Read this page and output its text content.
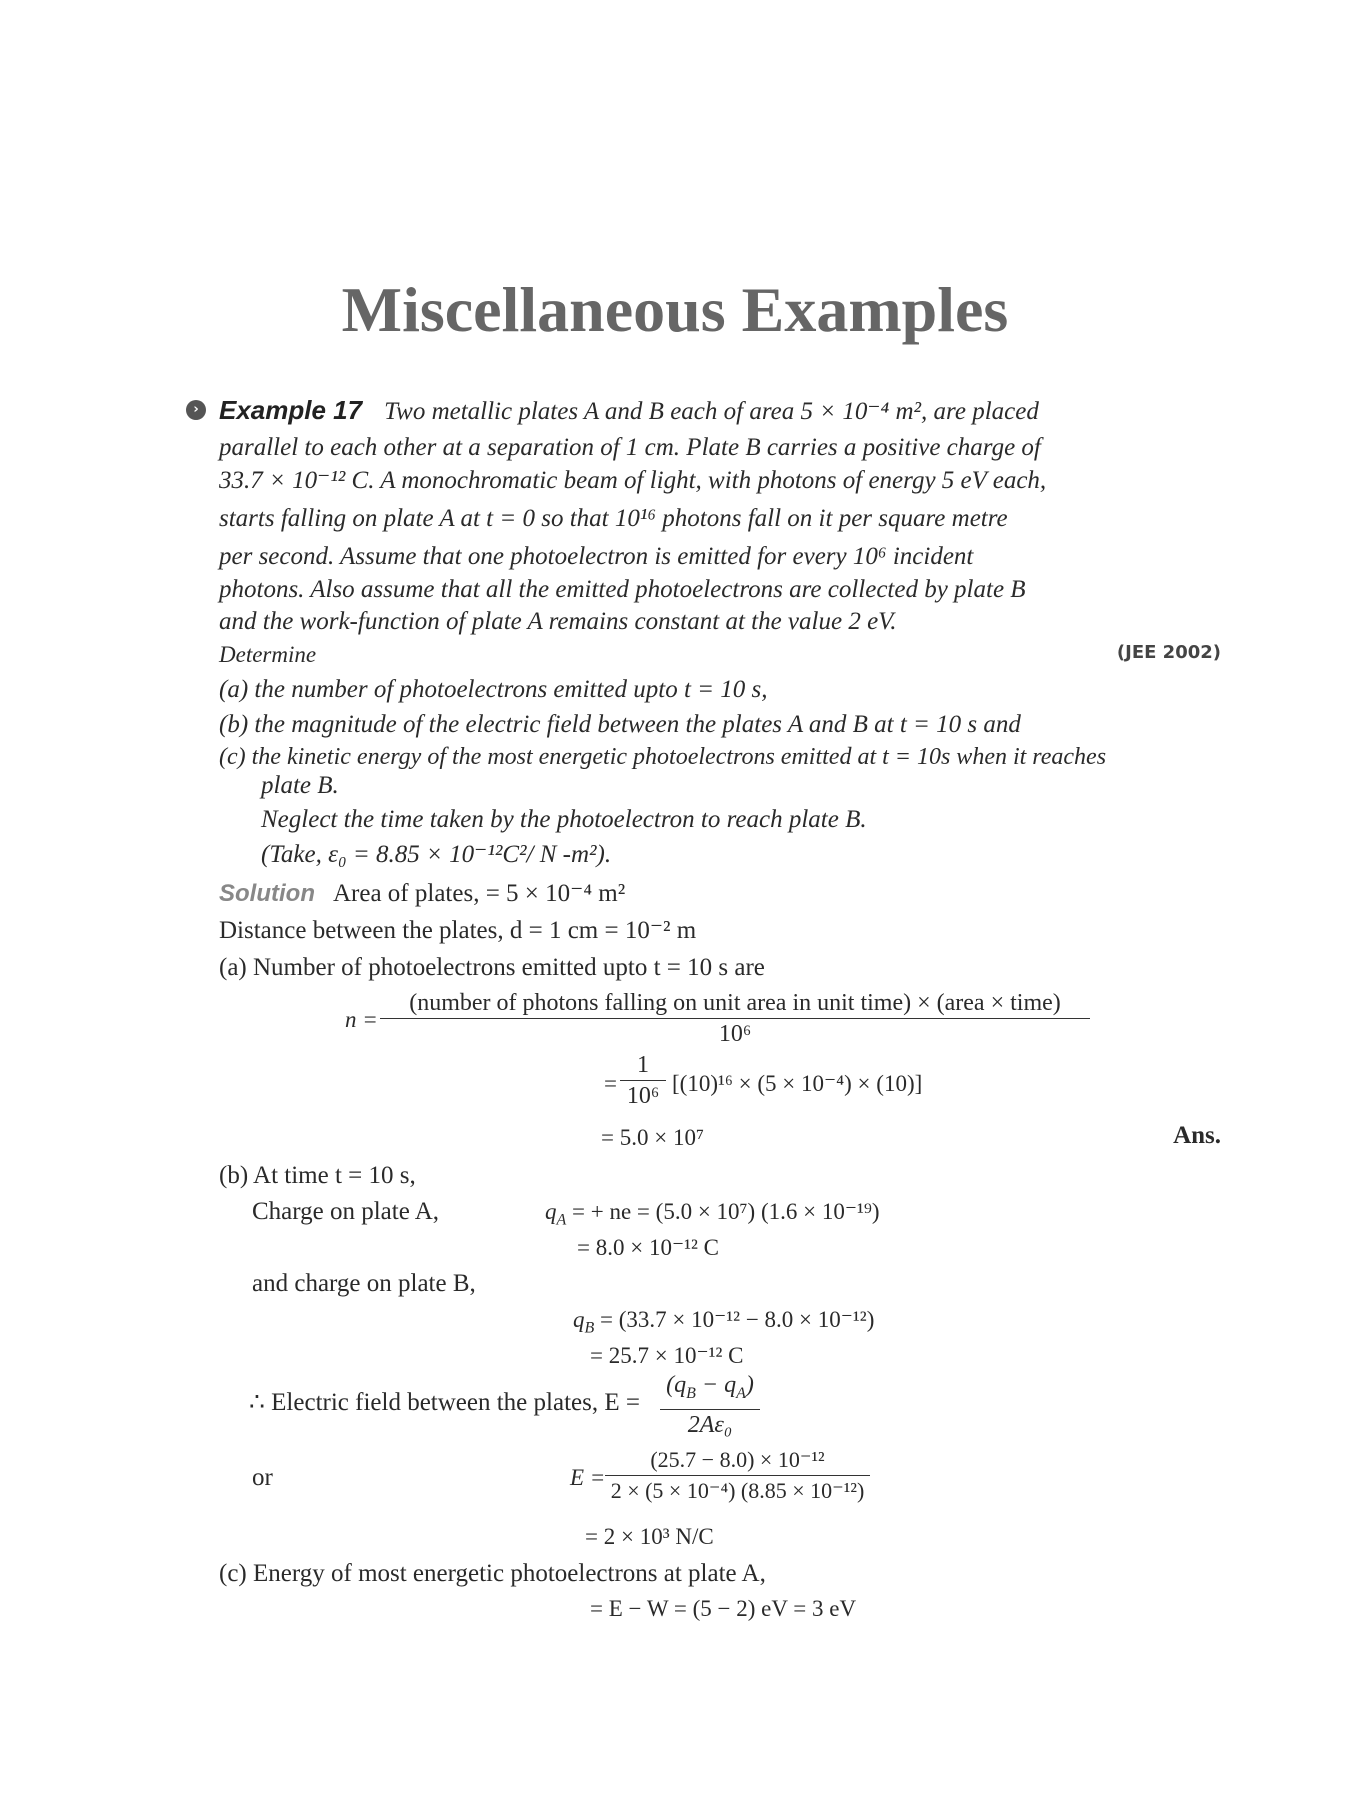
Miscellaneous Examples
› Example 17 Two metallic plates A and B each of area 5 × 10⁻⁴ m², are placed
parallel to each other at a separation of 1 cm. Plate B carries a positive charge of
33.7 × 10⁻¹² C. A monochromatic beam of light, with photons of energy 5 eV each,
starts falling on plate A at t = 0 so that 10¹⁶ photons fall on it per square metre
per second. Assume that one photoelectron is emitted for every 10⁶ incident
photons. Also assume that all the emitted photoelectrons are collected by plate B
and the work-function of plate A remains constant at the value 2 eV.
Determine	(JEE 2002)
(a) the number of photoelectrons emitted upto t = 10 s,
(b) the magnitude of the electric field between the plates A and B at t = 10 s and
(c) the kinetic energy of the most energetic photoelectrons emitted at t = 10s when it reaches
plate B.
Neglect the time taken by the photoelectron to reach plate B.
(Take, ε₀ = 8.85 × 10⁻¹²C²/ N -m²).
Solution Area of plates, = 5 × 10⁻⁴ m²
Distance between the plates, d = 1 cm = 10⁻² m
(a) Number of photoelectrons emitted upto t = 10 s are
n =
(number of photons falling on unit area in unit time) × (area × time)
10⁶
= $\frac{1}{\text{10⁶}} [(10)^{16} \times (5 \times 10^{-4}) \times (10)]$
= 5.0 × 10⁷	Ans.
(b) At time t = 10 s,
Charge on plate A,	$q_A$ = + ne = (5.0 × 10⁷) (1.6 × 10⁻¹⁹)
= 8.0 × 10⁻¹² C
and charge on plate B,
$q_B = (33.7 \times 10^{-12} - 8.0 \times 10^{-12})$
= 25.7 × 10⁻¹² C
∴ Electric field between the plates, $E = \frac{(q_B - q_A)}{\text{2Aε₀}}$
or	$E = \frac{\text{(25.7 − 8.0) × 10⁻¹²}}{\text{2 × (5 × 10⁻⁴) (8.85 × 10⁻¹²)}}$
= 2 × 10³ N/C
(c) Energy of most energetic photoelectrons at plate A,
= E − W = (5 − 2) eV = 3 eV
